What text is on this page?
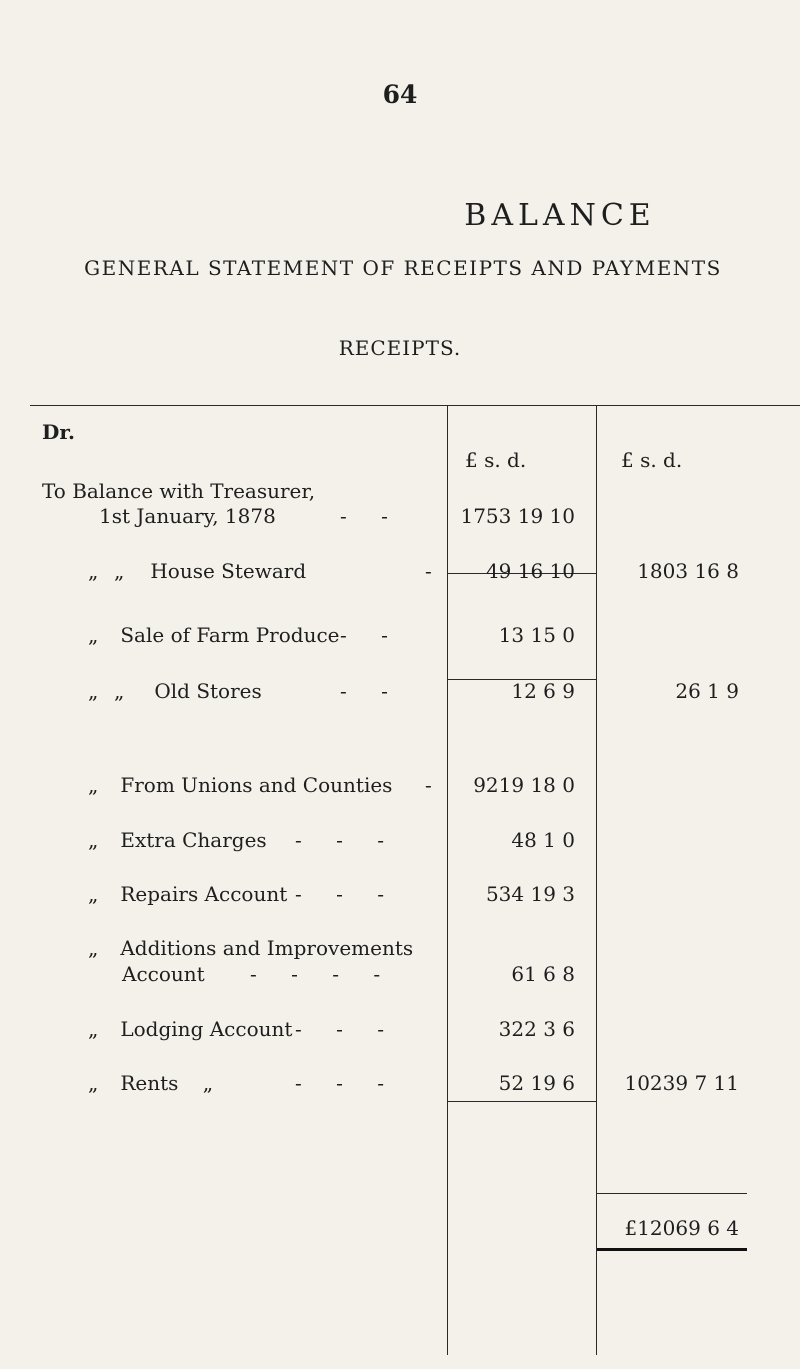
64
BALANCE
GENERAL STATEMENT OF RECEIPTS AND PAYMENTS
RECEIPTS.
Dr.
£ s. d.	£ s. d.
To Balance with Treasurer,
1st January, 1878	- -	1753 19 10
„ „ House Steward	-	49 16 10	1803 16 8
„ Sale of Farm Produce - -	13 15 0
„ „ Old Stores	- -	12 6 9	26 1 9
„ From Unions and Counties -	9219 18 0
„ Extra Charges - - -	48 1 0
„ Repairs Account - - -	534 19 3
„ Additions and Improvements
Account - - - -	61 6 8
„ Lodging Account - - -	322 3 6
„ Rents „	- - -	52 19 6	10239 7 11
£12069 6 4
